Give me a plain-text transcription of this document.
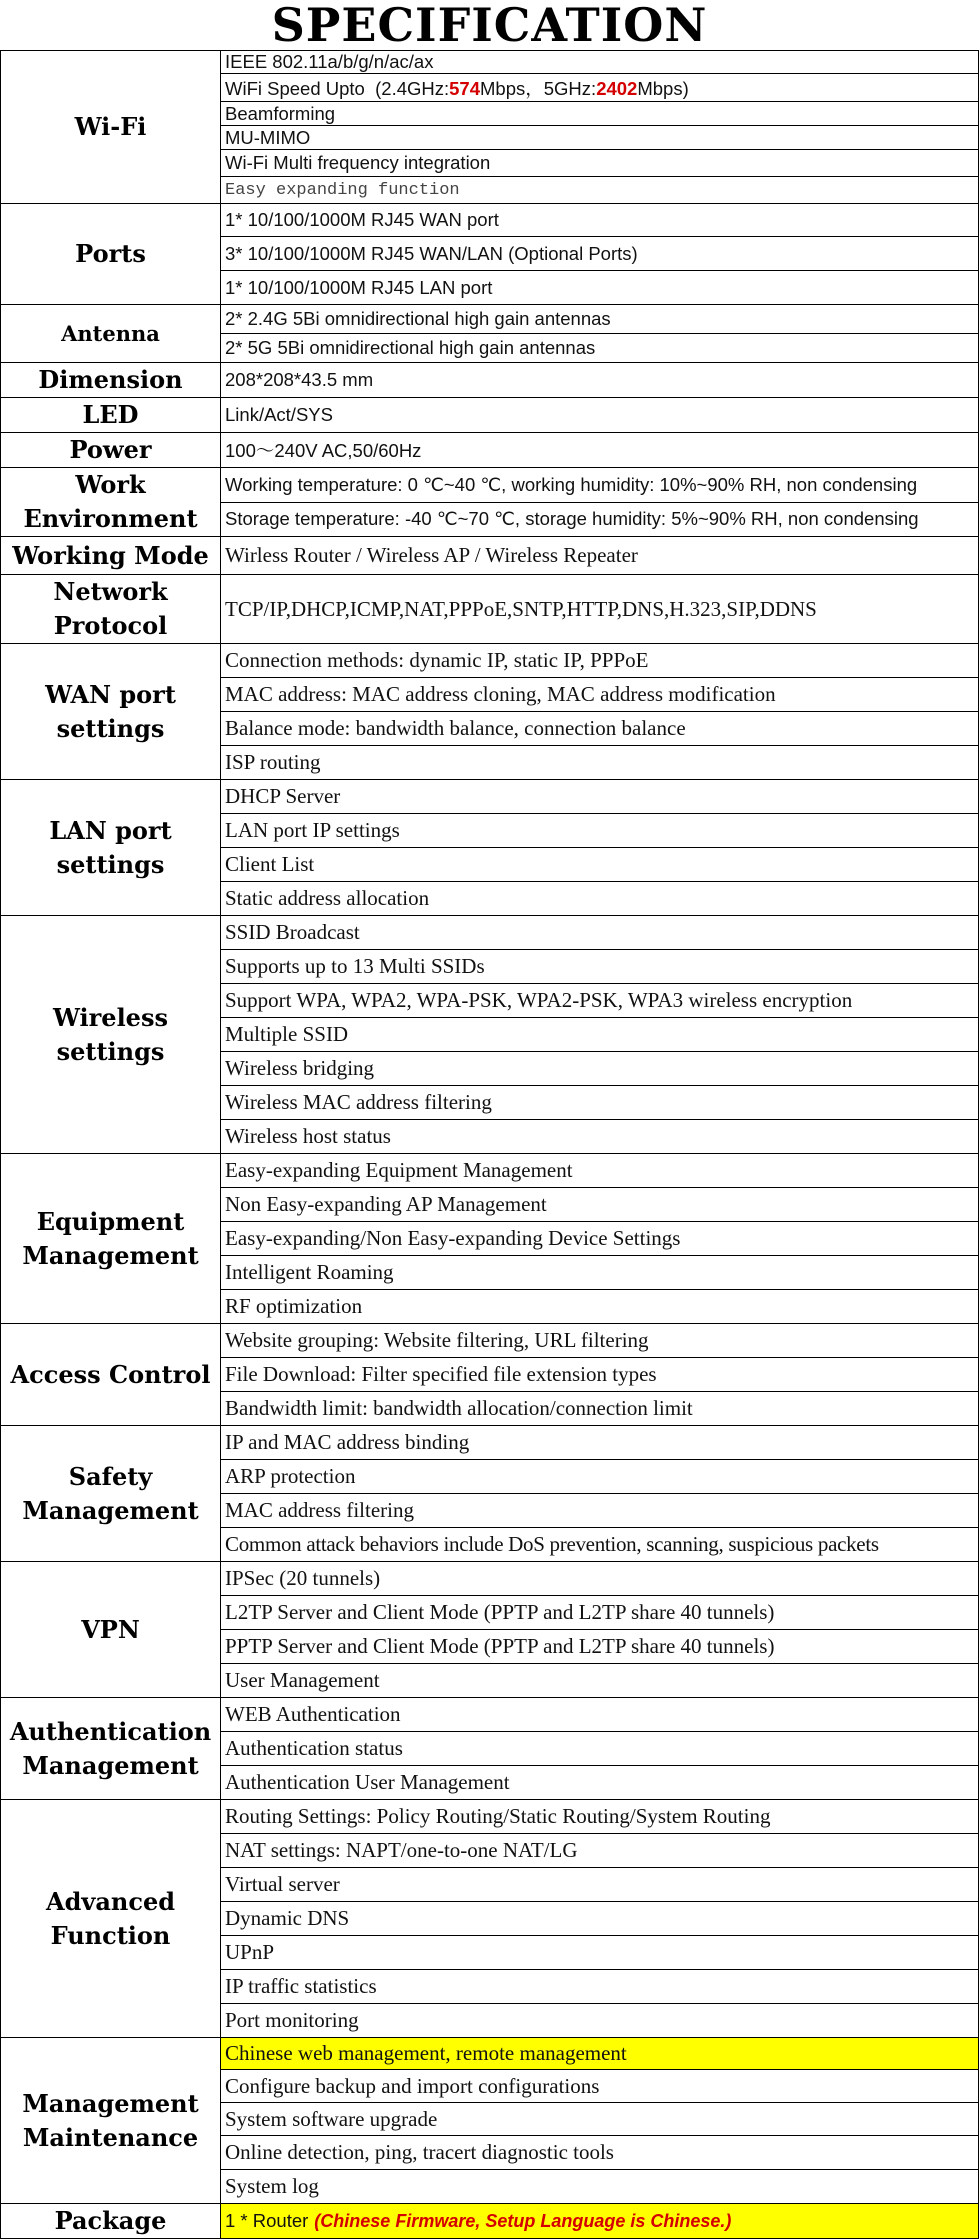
SPECIFICATION
Wi-Fi	IEEE 802.11a/b/g/n/ac/ax
	WiFi Speed Upto  (2.4GHz:574Mbps，5GHz:2402Mbps)
	Beamforming
	MU-MIMO
	Wi-Fi Multi frequency integration
	Easy expanding function
Ports	1* 10/100/1000M RJ45 WAN port
	3* 10/100/1000M RJ45 WAN/LAN (Optional Ports)
	1* 10/100/1000M RJ45 LAN port
Antenna	2* 2.4G 5Bi omnidirectional high gain antennas
	2* 5G 5Bi omnidirectional high gain antennas
Dimension	208*208*43.5 mm
LED	Link/Act/SYS
Power	100～240V AC,50/60Hz
Work Environment	Working temperature: 0 ℃~40 ℃, working humidity: 10%~90% RH, non condensing
	Storage temperature: -40 ℃~70 ℃, storage humidity: 5%~90% RH, non condensing
Working Mode	Wirless Router / Wireless AP / Wireless Repeater
Network Protocol	TCP/IP,DHCP,ICMP,NAT,PPPoE,SNTP,HTTP,DNS,H.323,SIP,DDNS
WAN port settings	Connection methods: dynamic IP, static IP, PPPoE
	MAC address: MAC address cloning, MAC address modification
	Balance mode: bandwidth balance, connection balance
	ISP routing
LAN port settings	DHCP Server
	LAN port IP settings
	Client List
	Static address allocation
Wireless settings	SSID Broadcast
	Supports up to 13 Multi SSIDs
	Support WPA, WPA2, WPA-PSK, WPA2-PSK, WPA3 wireless encryption
	Multiple SSID
	Wireless bridging
	Wireless MAC address filtering
	Wireless host status
Equipment Management	Easy-expanding Equipment Management
	Non Easy-expanding AP Management
	Easy-expanding/Non Easy-expanding Device Settings
	Intelligent Roaming
	RF optimization
Access Control	Website grouping: Website filtering, URL filtering
	File Download: Filter specified file extension types
	Bandwidth limit: bandwidth allocation/connection limit
Safety Management	IP and MAC address binding
	ARP protection
	MAC address filtering
	Common attack behaviors include DoS prevention, scanning, suspicious packets
VPN	IPSec (20 tunnels)
	L2TP Server and Client Mode (PPTP and L2TP share 40 tunnels)
	PPTP Server and Client Mode (PPTP and L2TP share 40 tunnels)
	User Management
Authentication Management	WEB Authentication
	Authentication status
	Authentication User Management
Advanced Function	Routing Settings: Policy Routing/Static Routing/System Routing
	NAT settings: NAPT/one-to-one NAT/LG
	Virtual server
	Dynamic DNS
	UPnP
	IP traffic statistics
	Port monitoring
Management Maintenance	Chinese web management, remote management
	Configure backup and import configurations
	System software upgrade
	Online detection, ping, tracert diagnostic tools
	System log
Package	1 * Router (Chinese Firmware, Setup Language is Chinese.)
